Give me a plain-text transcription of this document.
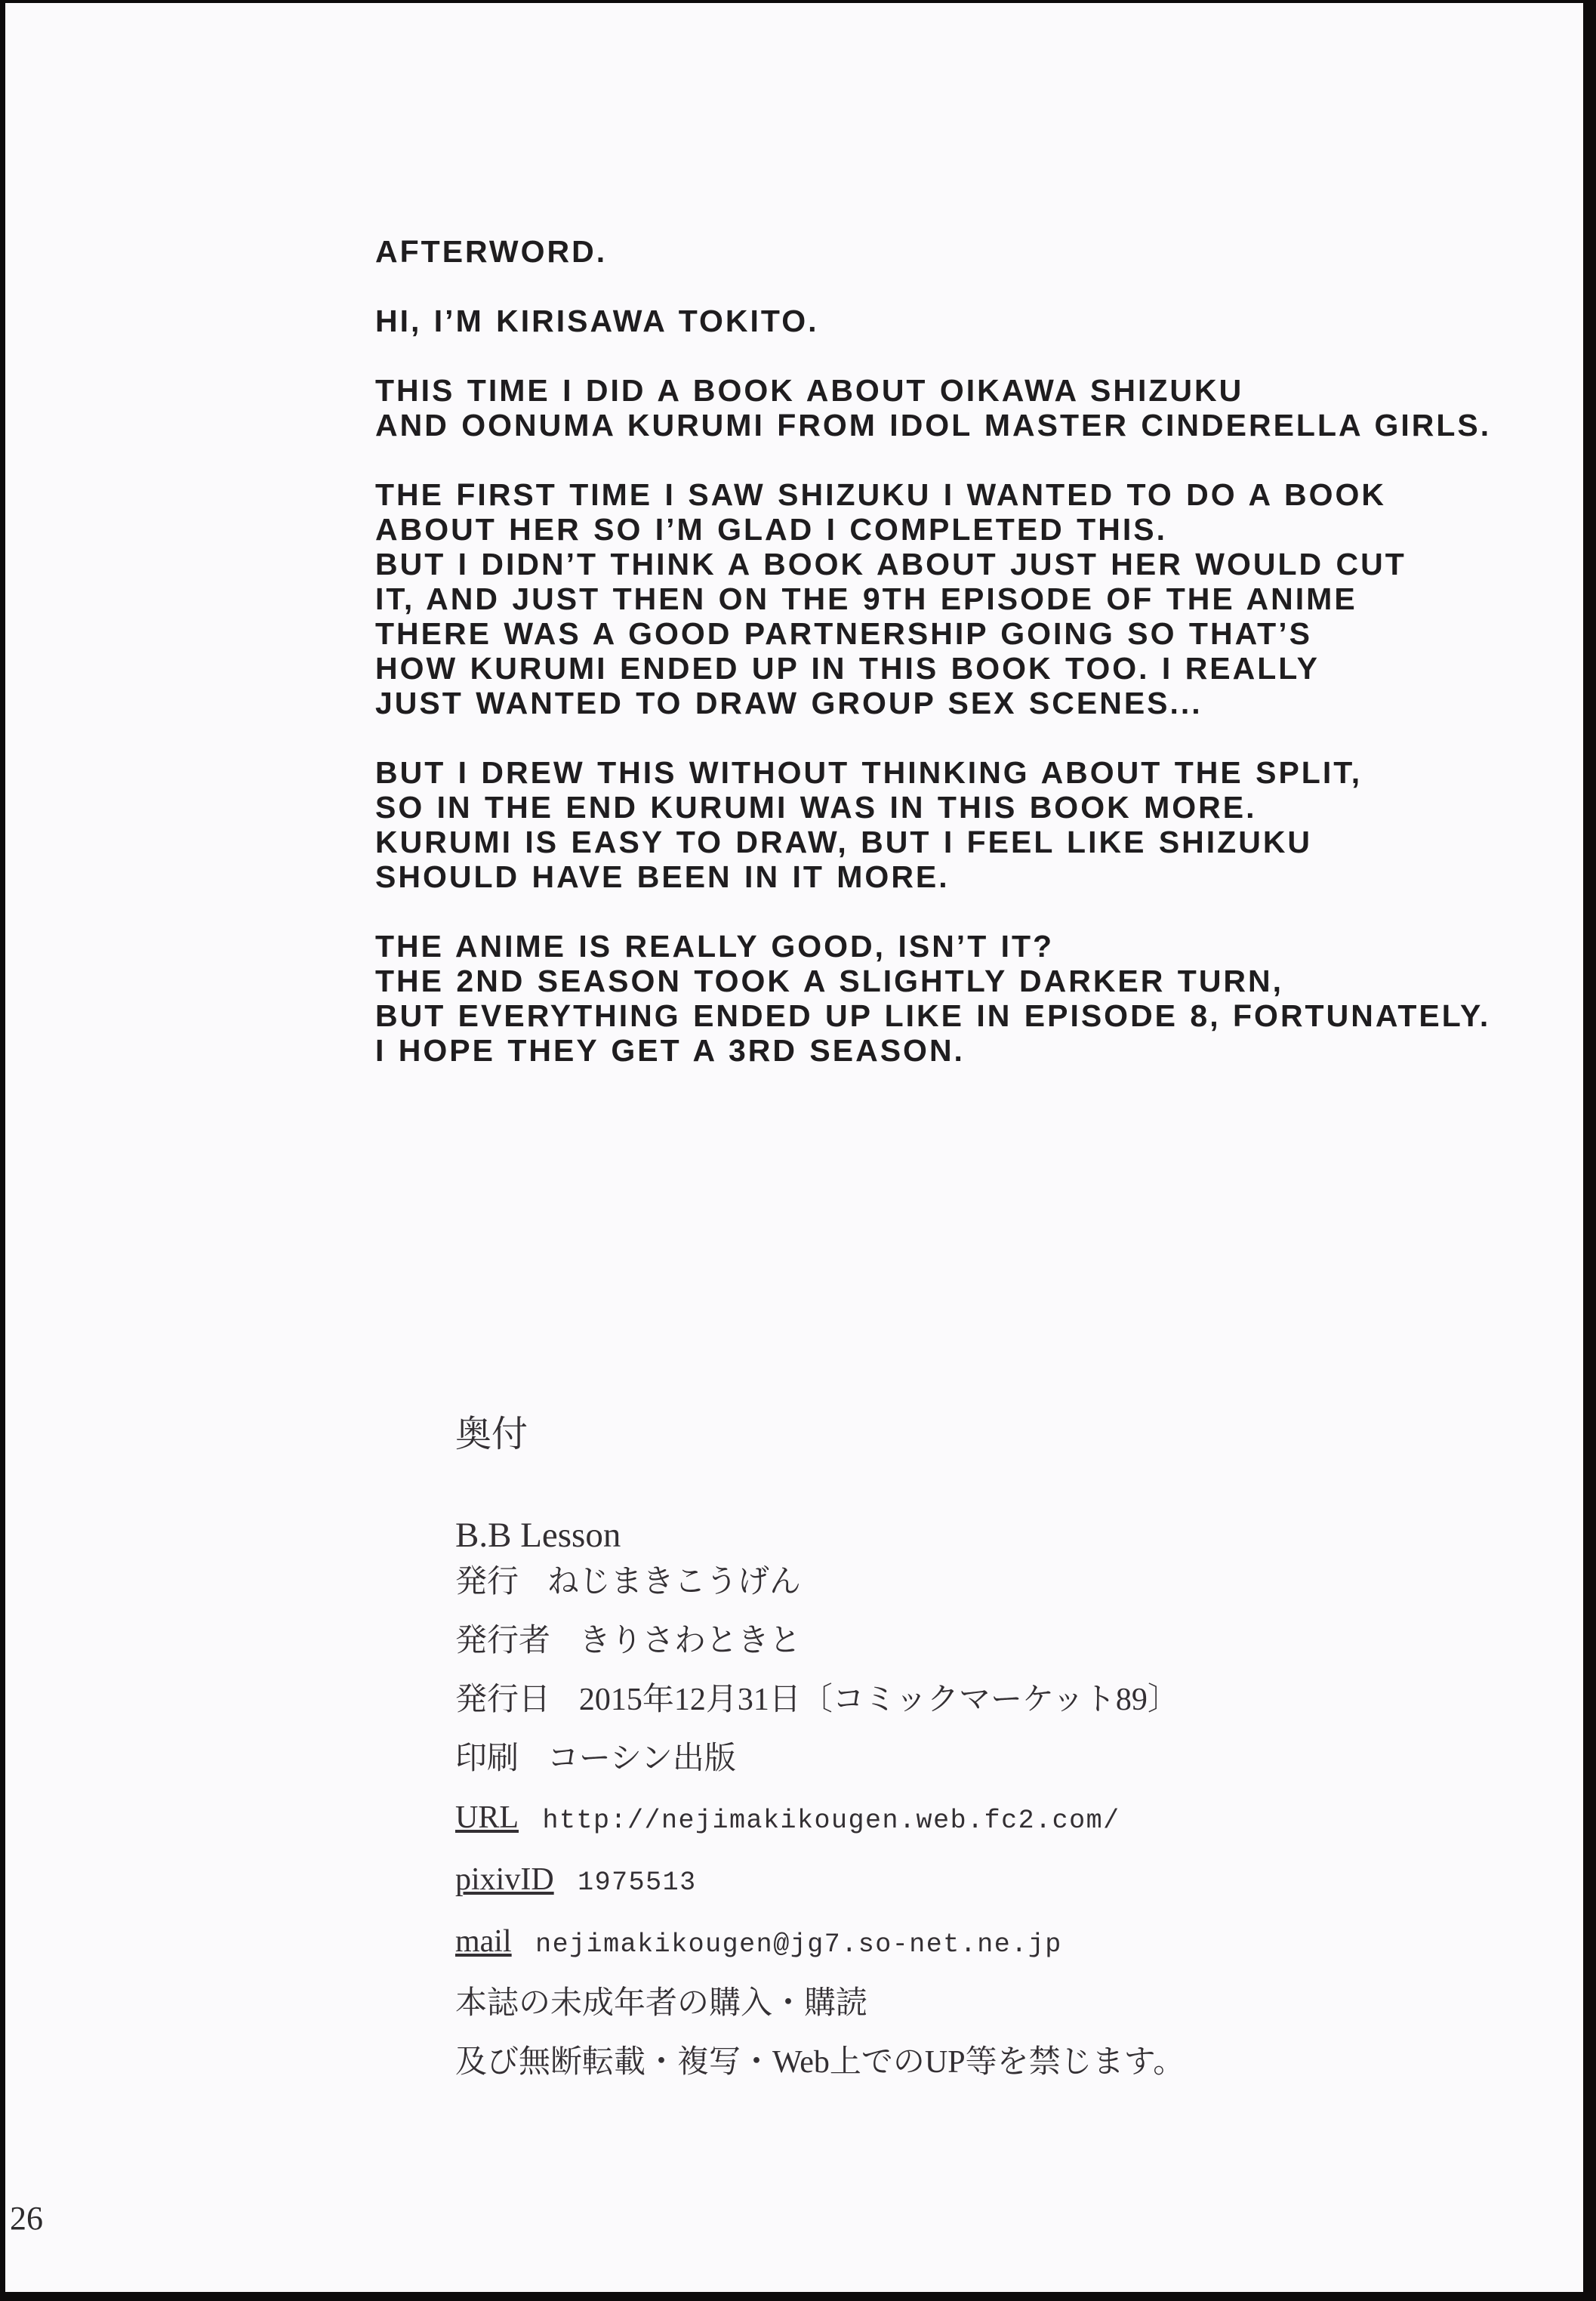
AFTERWORD.

HI, I’M KIRISAWA TOKITO.

THIS TIME I DID A BOOK ABOUT OIKAWA SHIZUKU
AND OONUMA KURUMI FROM IDOL MASTER CINDERELLA GIRLS.

THE FIRST TIME I SAW SHIZUKU I WANTED TO DO A BOOK
ABOUT HER SO I’M GLAD I COMPLETED THIS.
BUT I DIDN’T THINK A BOOK ABOUT JUST HER WOULD CUT
IT, AND JUST THEN ON THE 9TH EPISODE OF THE ANIME
THERE WAS A GOOD PARTNERSHIP GOING SO THAT’S
HOW KURUMI ENDED UP IN THIS BOOK TOO. I REALLY
JUST WANTED TO DRAW GROUP SEX SCENES...

BUT I DREW THIS WITHOUT THINKING ABOUT THE SPLIT,
SO IN THE END KURUMI WAS IN THIS BOOK MORE.
KURUMI IS EASY TO DRAW, BUT I FEEL LIKE SHIZUKU
SHOULD HAVE BEEN IN IT MORE.

THE ANIME IS REALLY GOOD, ISN’T IT?
THE 2ND SEASON TOOK A SLIGHTLY DARKER TURN,
BUT EVERYTHING ENDED UP LIKE IN EPISODE 8, FORTUNATELY.
I HOPE THEY GET A 3RD SEASON.

奥付
B.B Lesson
発行 ねじまきこうげん
発行者 きりさわときと
発行日 2015年12月31日〔コミックマーケット89〕
印刷 コーシン出版
URL http://nejimakikougen.web.fc2.com/
pixivID 1975513
mail nejimakikougen@jg7.so-net.ne.jp
本誌の未成年者の購入・購読
及び無断転載・複写・Web上でのUP等を禁じます。
26
